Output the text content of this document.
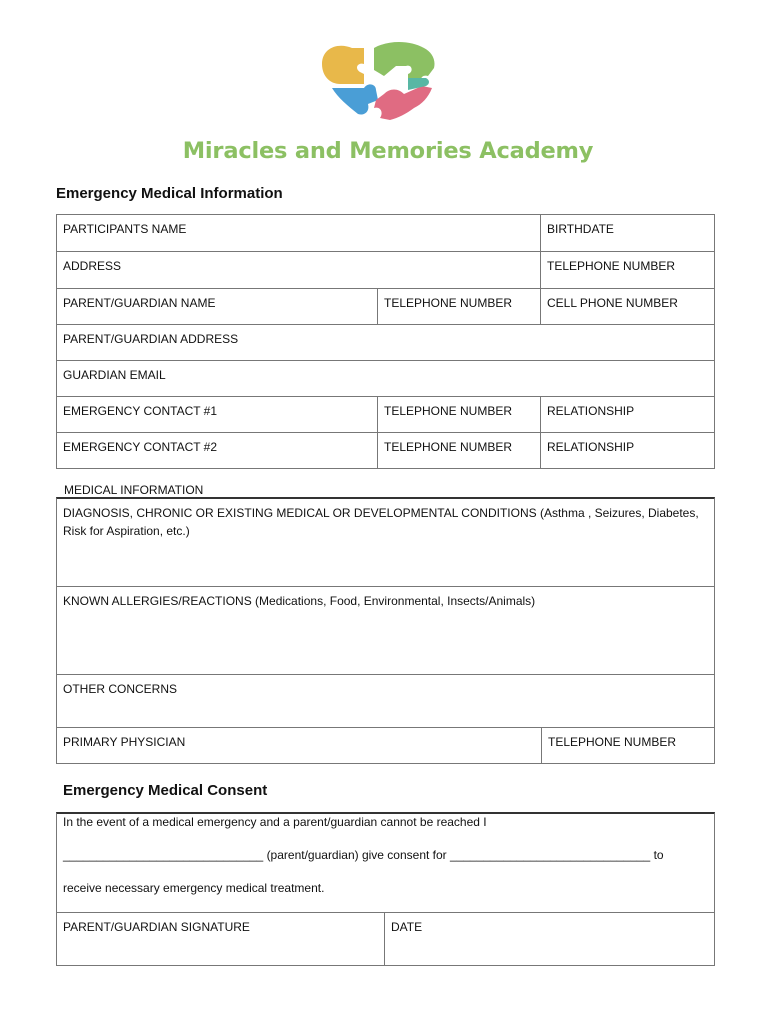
Miracles and Memories Academy
Emergency Medical Information
PARTICIPANTS NAME	BIRTHDATE
ADDRESS	TELEPHONE NUMBER
PARENT/GUARDIAN NAME	TELEPHONE NUMBER	CELL PHONE NUMBER
PARENT/GUARDIAN ADDRESS
GUARDIAN EMAIL
EMERGENCY CONTACT #1	TELEPHONE NUMBER	RELATIONSHIP
EMERGENCY CONTACT #2	TELEPHONE NUMBER	RELATIONSHIP
MEDICAL INFORMATION
DIAGNOSIS, CHRONIC OR EXISTING MEDICAL OR DEVELOPMENTAL CONDITIONS (Asthma , Seizures, Diabetes, Risk for Aspiration, etc.)
KNOWN ALLERGIES/REACTIONS (Medications, Food, Environmental, Insects/Animals)
OTHER CONCERNS
PRIMARY PHYSICIAN	TELEPHONE NUMBER
Emergency Medical Consent
In the event of a medical emergency and a parent/guardian cannot be reached I
______________________________ (parent/guardian) give consent for ______________________________ to
receive necessary emergency medical treatment.
PARENT/GUARDIAN SIGNATURE	DATE
